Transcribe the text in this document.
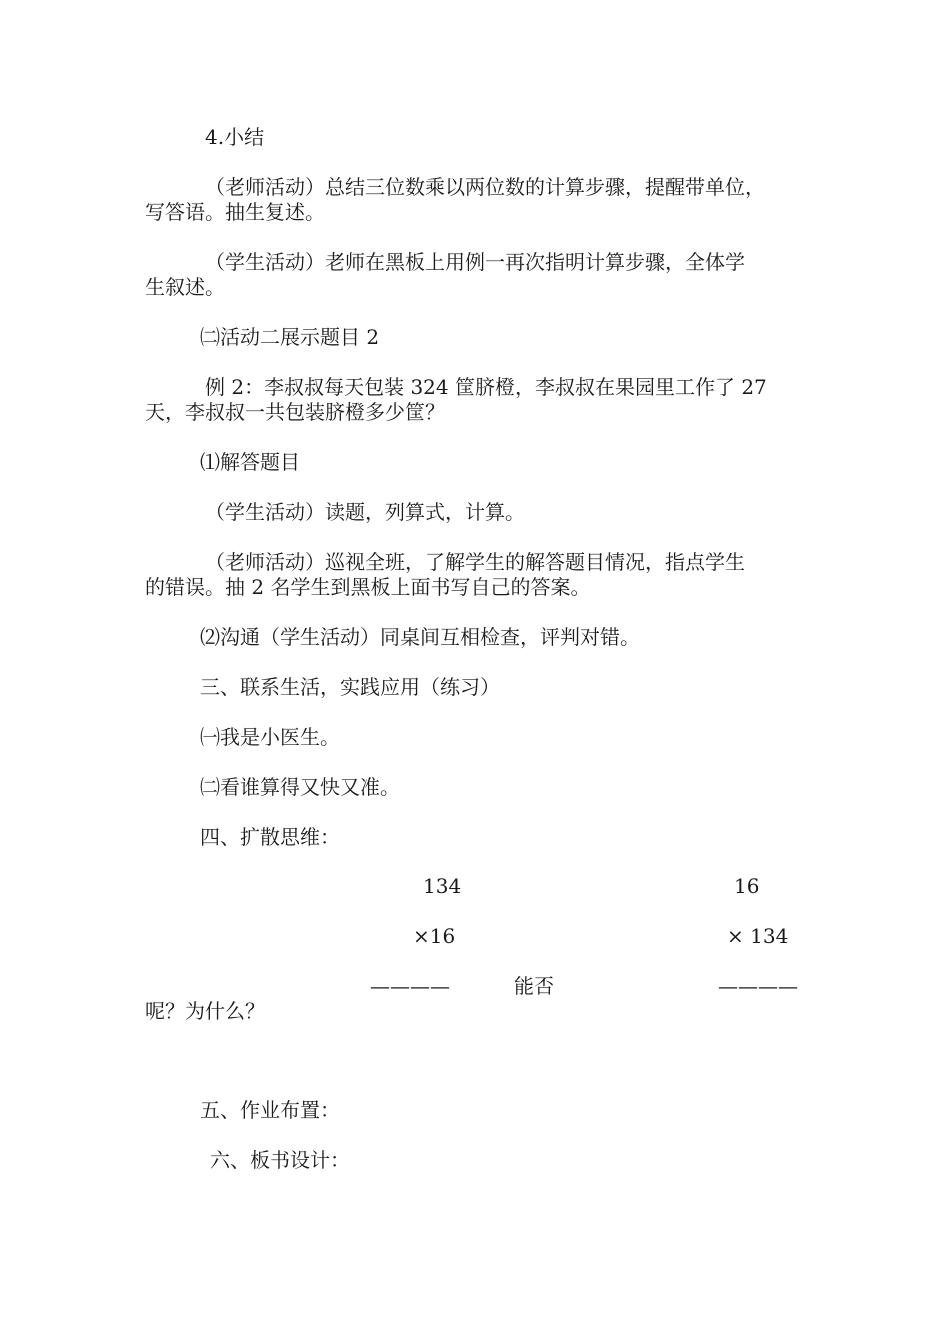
4.小结
（老师活动）总结三位数乘以两位数的计算步骤，提醒带单位，
写答语。抽生复述。
（学生活动）老师在黑板上用例一再次指明计算步骤，全体学
生叙述。
㈡活动二展示题目 2
例 2：李叔叔每天包装 324 筐脐橙，李叔叔在果园里工作了 27
天，李叔叔一共包装脐橙多少筐？
⑴解答题目
（学生活动）读题，列算式，计算。
（老师活动）巡视全班，了解学生的解答题目情况，指点学生
的错误。抽 2 名学生到黑板上面书写自己的答案。
⑵沟通（学生活动）同桌间互相检查，评判对错。
三、联系生活，实践应用（练习）
㈠我是小医生。
㈡看谁算得又快又准。
四、扩散思维：
134	16
×16	× 134
————	能否	————
呢？为什么？
五、作业布置：
六、板书设计：
